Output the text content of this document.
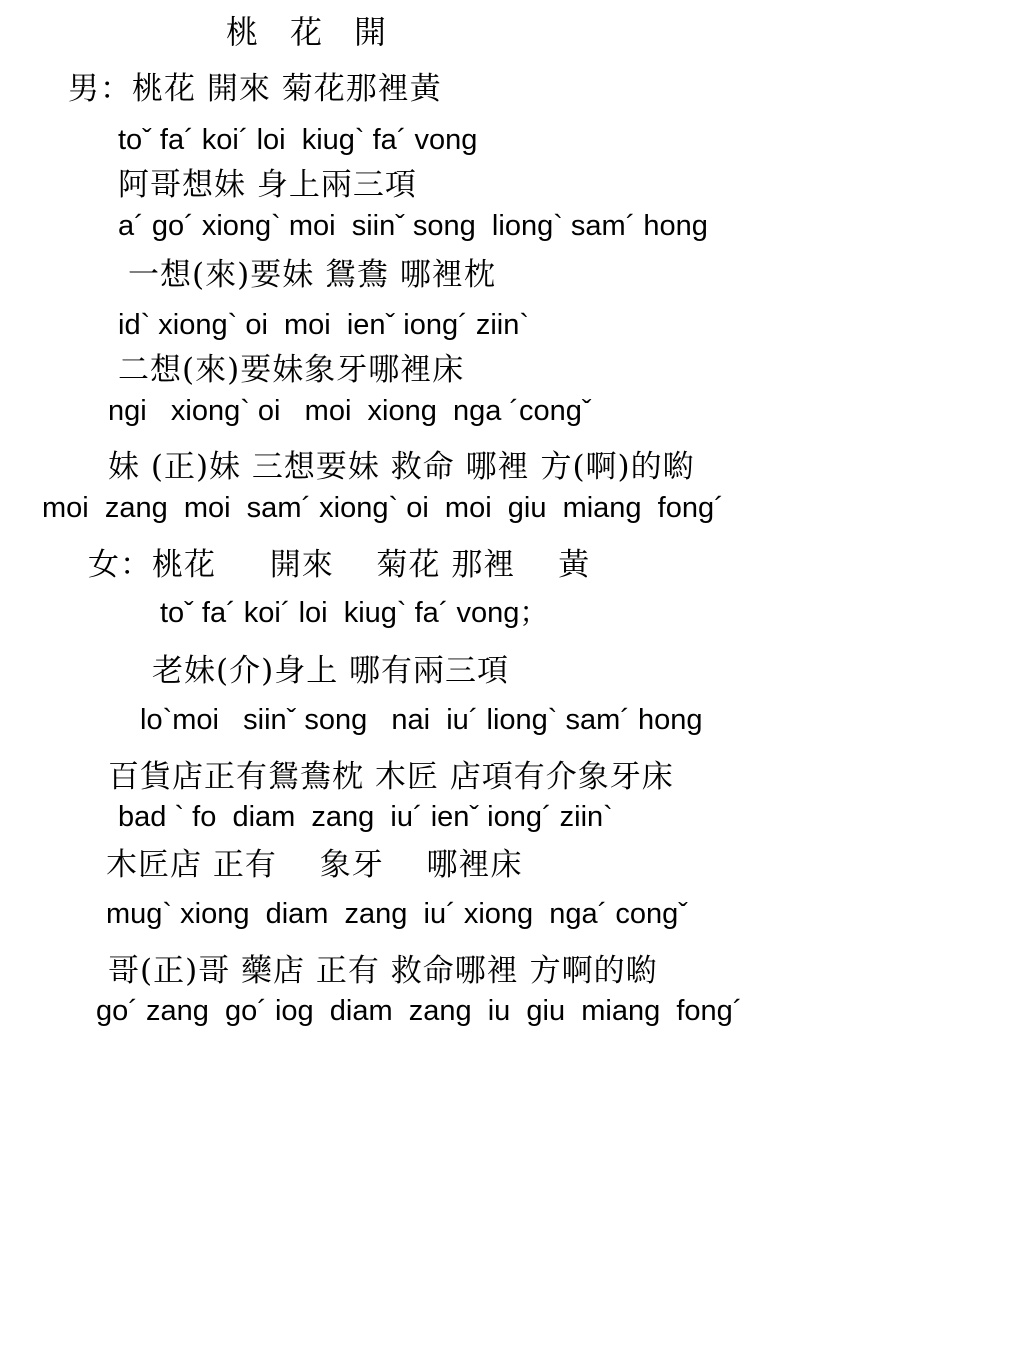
桃　花　開
男：桃花 開來 菊花那裡黃
toˇ fa´ koi´ loi  kiug` fa´ vong
阿哥想妹 身上兩三項
a´ go´ xiong` moi  siinˇ song  liong` sam´ hong
一想(來)要妹 鴛鴦 哪裡枕
id` xiong` oi  moi  ienˇ iong´ ziin`
二想(來)要妹象牙哪裡床
ngi   xiong` oi   moi  xiong  nga ´congˇ
妹 (正)妹 三想要妹 救命 哪裡 方(啊)的喲
moi  zang  moi  sam´ xiong` oi  moi  giu  miang  fong´
女：桃花　  開來　 菊花 那裡　 黃
toˇ fa´ koi´ loi  kiug` fa´ vong；
老妹(介)身上 哪有兩三項
lo`moi   siinˇ song   nai  iu´ liong` sam´ hong
百貨店正有鴛鴦枕 木匠 店項有介象牙床
bad ` fo  diam  zang  iu´ ienˇ iong´ ziin`
木匠店 正有　 象牙　 哪裡床
mug` xiong  diam  zang  iu´ xiong  nga´ congˇ
哥(正)哥 藥店 正有 救命哪裡 方啊的喲
go´ zang  go´ iog  diam  zang  iu  giu  miang  fong´
